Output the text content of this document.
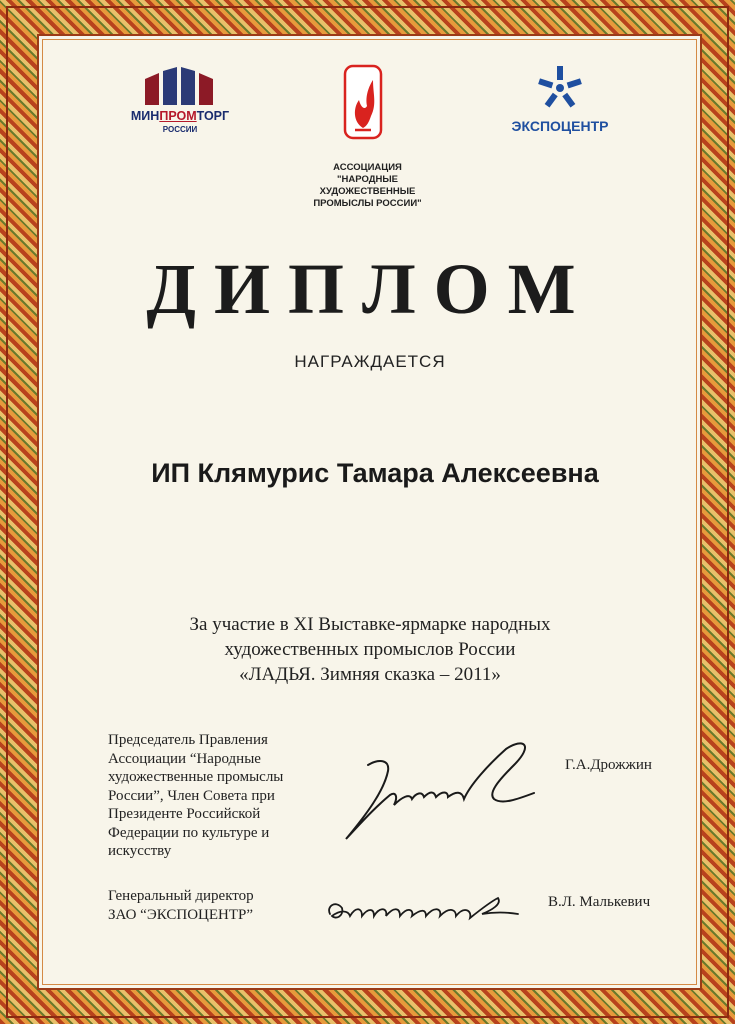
МИНПРОМТОРГ
РОССИИ	ЭКСПОЦЕНТР
АССОЦИАЦИЯ
"НАРОДНЫЕ
ХУДОЖЕСТВЕННЫЕ
ПРОМЫСЛЫ РОССИИ"
ДИПЛОМ
НАГРАЖДАЕТСЯ
ИП Клямурис Тамара Алексеевна
За участие в XI Выставке-ярмарке народных
художественных промыслов России
«ЛАДЬЯ. Зимняя сказка – 2011»
Председатель Правления
Ассоциации “Народные
художественные промыслы
России”, Член Совета при
Президенте Российской
Федерации по культуре и
искусству
Г.А.Дрожжин
Генеральный директор
ЗАО “ЭКСПОЦЕНТР”
В.Л. Малькевич
